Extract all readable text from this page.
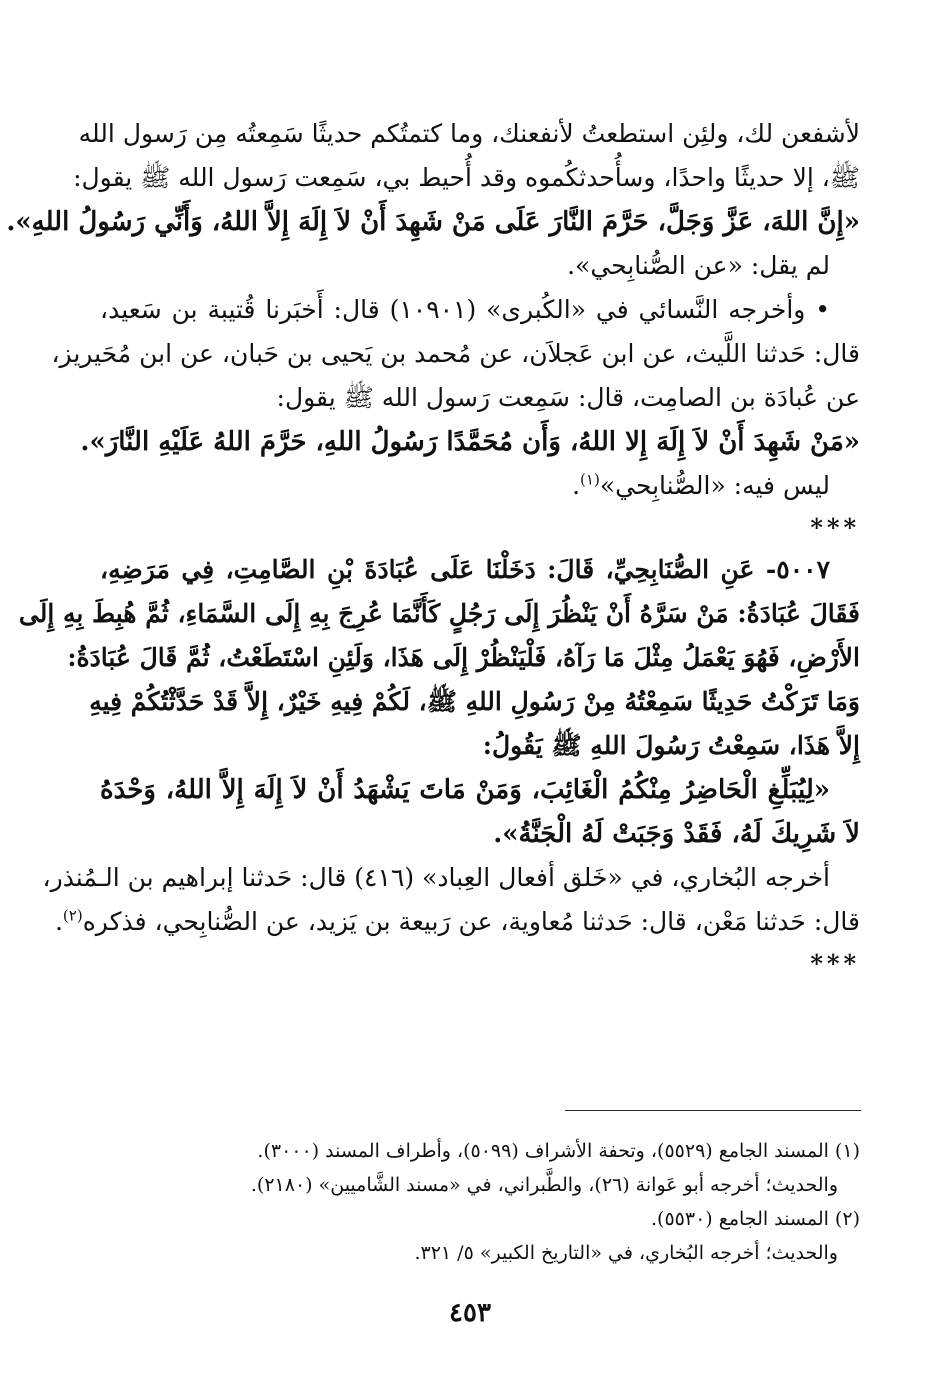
لأشفعن لك، ولئِن استطعتُ لأنفعنك، وما كتمتُكم حديثًا سَمِعتُه مِن رَسول الله
ﷺ، إلا حديثًا واحدًا، وسأُحدثكُموه وقد أُحيط بي، سَمِعت رَسول الله ﷺ يقول:
«إِنَّ اللهَ، عَزَّ وَجَلَّ، حَرَّمَ النَّارَ عَلَى مَنْ شَهِدَ أَنْ لاَ إِلَهَ إِلاَّ اللهُ، وَأَنِّي رَسُولُ اللهِ».
لم يقل: «عن الصُّنابِحي».
• وأخرجه النَّسائي في «الكُبرى» (١٠٩٠١) قال: أَخبَرنا قُتيبة بن سَعيد،
قال: حَدثنا اللَّيث، عن ابن عَجلاَن، عن مُحمد بن يَحيى بن حَبان، عن ابن مُحَيريز،
عن عُبادَة بن الصامِت، قال: سَمِعت رَسول الله ﷺ يقول:
«مَنْ شَهِدَ أَنْ لاَ إِلَهَ إِلا اللهُ، وَأَن مُحَمَّدًا رَسُولُ اللهِ، حَرَّمَ اللهُ عَلَيْهِ النَّارَ».
ليس فيه: «الصُّنابِحي»$^{(١)}$.
***
٥٠٠٧- عَنِ الصُّنَابِحِيِّ، قَالَ: دَخَلْنَا عَلَى عُبَادَةَ بْنِ الصَّامِتِ، فِي مَرَضِهِ،
فَقَالَ عُبَادَةُ: مَنْ سَرَّهُ أَنْ يَنْظُرَ إِلَى رَجُلٍ كَأَنَّمَا عُرِجَ بِهِ إِلَى السَّمَاءِ، ثُمَّ هُبِطَ بِهِ إِلَى
الأَرْضِ، فَهُوَ يَعْمَلُ مِثْلَ مَا رَآهُ، فَلْيَنْظُرْ إِلَى هَذَا، وَلَئِنِ اسْتَطَعْتُ، ثُمَّ قَالَ عُبَادَةُ:
وَمَا تَرَكْتُ حَدِيثًا سَمِعْتُهُ مِنْ رَسُولِ اللهِ ﷺ، لَكُمْ فِيهِ خَيْرٌ، إِلاَّ قَدْ حَدَّثْتُكُمْ فِيهِ
إِلاَّ هَذَا، سَمِعْتُ رَسُولَ اللهِ ﷺ يَقُولُ:
«لِيُبَلِّغِ الْحَاضِرُ مِنْكُمُ الْغَائِبَ، وَمَنْ مَاتَ يَشْهَدُ أَنْ لاَ إِلَهَ إِلاَّ اللهُ، وَحْدَهُ
لاَ شَرِيكَ لَهُ، فَقَدْ وَجَبَتْ لَهُ الْجَنَّةُ».
أخرجه البُخاري، في «خَلق أفعال العِباد» (٤١٦) قال: حَدثنا إبراهيم بن الـمُنذر،
قال: حَدثنا مَعْن، قال: حَدثنا مُعاوية، عن رَبيعة بن يَزيد، عن الصُّنابِحي، فذكره$^{(٢)}$.
***
(١) المسند الجامع (٥٥٢٩)، وتحفة الأشراف (٥٠٩٩)، وأطراف المسند (٣٠٠٠).
والحديث؛ أخرجه أبو عَوانة (٢٦)، والطَّبراني، في «مسند الشَّاميين» (٢١٨٠).
(٢) المسند الجامع (٥٥٣٠).
والحديث؛ أخرجه البُخاري، في «التاريخ الكبير» ٥/ ٣٢١.
٤٥٣
